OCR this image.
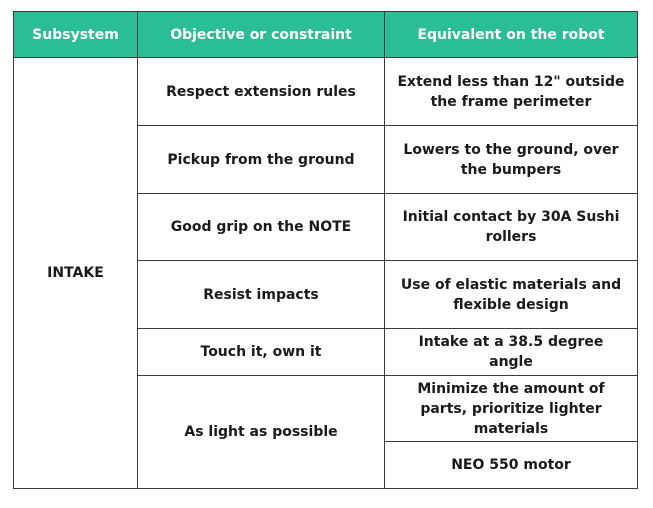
Subsystem	Objective or constraint	Equivalent on the robot
INTAKE	Respect extension rules	Extend less than 12" outside the frame perimeter
	Pickup from the ground	Lowers to the ground, over the bumpers
	Good grip on the NOTE	Initial contact by 30A Sushi rollers
	Resist impacts	Use of elastic materials and flexible design
	Touch it, own it	Intake at a 38.5 degree angle
	As light as possible	Minimize the amount of parts, prioritize lighter materials
		NEO 550 motor
